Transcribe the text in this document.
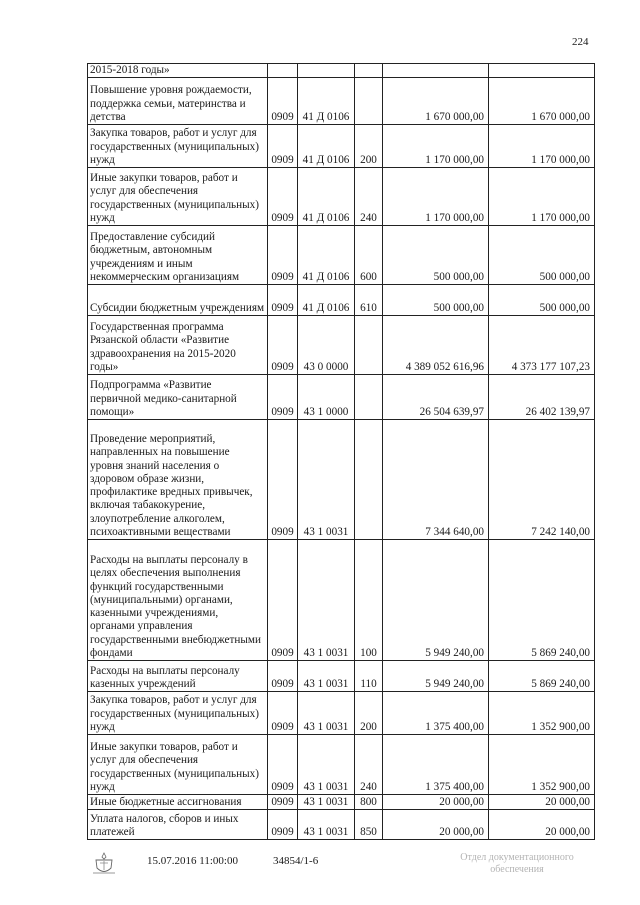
224
2015-2018 годы»					
Повышение уровня рождаемости, поддержка семьи, материнства и детства	0909	41 Д 0106		1 670 000,00	1 670 000,00
Закупка товаров, работ и услуг для государственных (муниципальных) нужд	0909	41 Д 0106	200	1 170 000,00	1 170 000,00
Иные закупки товаров, работ и услуг для обеспечения государственных (муниципальных) нужд	0909	41 Д 0106	240	1 170 000,00	1 170 000,00
Предоставление субсидий бюджетным, автономным учреждениям и иным некоммерческим организациям	0909	41 Д 0106	600	500 000,00	500 000,00
Субсидии бюджетным учреждениям	0909	41 Д 0106	610	500 000,00	500 000,00
Государственная программа Рязанской области «Развитие здравоохранения на 2015-2020 годы»	0909	43 0 0000		4 389 052 616,96	4 373 177 107,23
Подпрограмма «Развитие первичной медико-санитарной помощи»	0909	43 1 0000		26 504 639,97	26 402 139,97
Проведение мероприятий, направленных на повышение уровня знаний населения о здоровом образе жизни, профилактике вредных привычек, включая табакокурение, злоупотребление алкоголем, психоактивными веществами	0909	43 1 0031		7 344 640,00	7 242 140,00
Расходы на выплаты персоналу в целях обеспечения выполнения функций государственными (муниципальными) органами, казенными учреждениями, органами управления государственными внебюджетными фондами	0909	43 1 0031	100	5 949 240,00	5 869 240,00
Расходы на выплаты персоналу казенных учреждений	0909	43 1 0031	110	5 949 240,00	5 869 240,00
Закупка товаров, работ и услуг для государственных (муниципальных) нужд	0909	43 1 0031	200	1 375 400,00	1 352 900,00
Иные закупки товаров, работ и услуг для обеспечения государственных (муниципальных) нужд	0909	43 1 0031	240	1 375 400,00	1 352 900,00
Иные бюджетные ассигнования	0909	43 1 0031	800	20 000,00	20 000,00
Уплата налогов, сборов и иных платежей	0909	43 1 0031	850	20 000,00	20 000,00
15.07.2016 11:00:00	34854/1-6	Отдел документационного обеспечения
